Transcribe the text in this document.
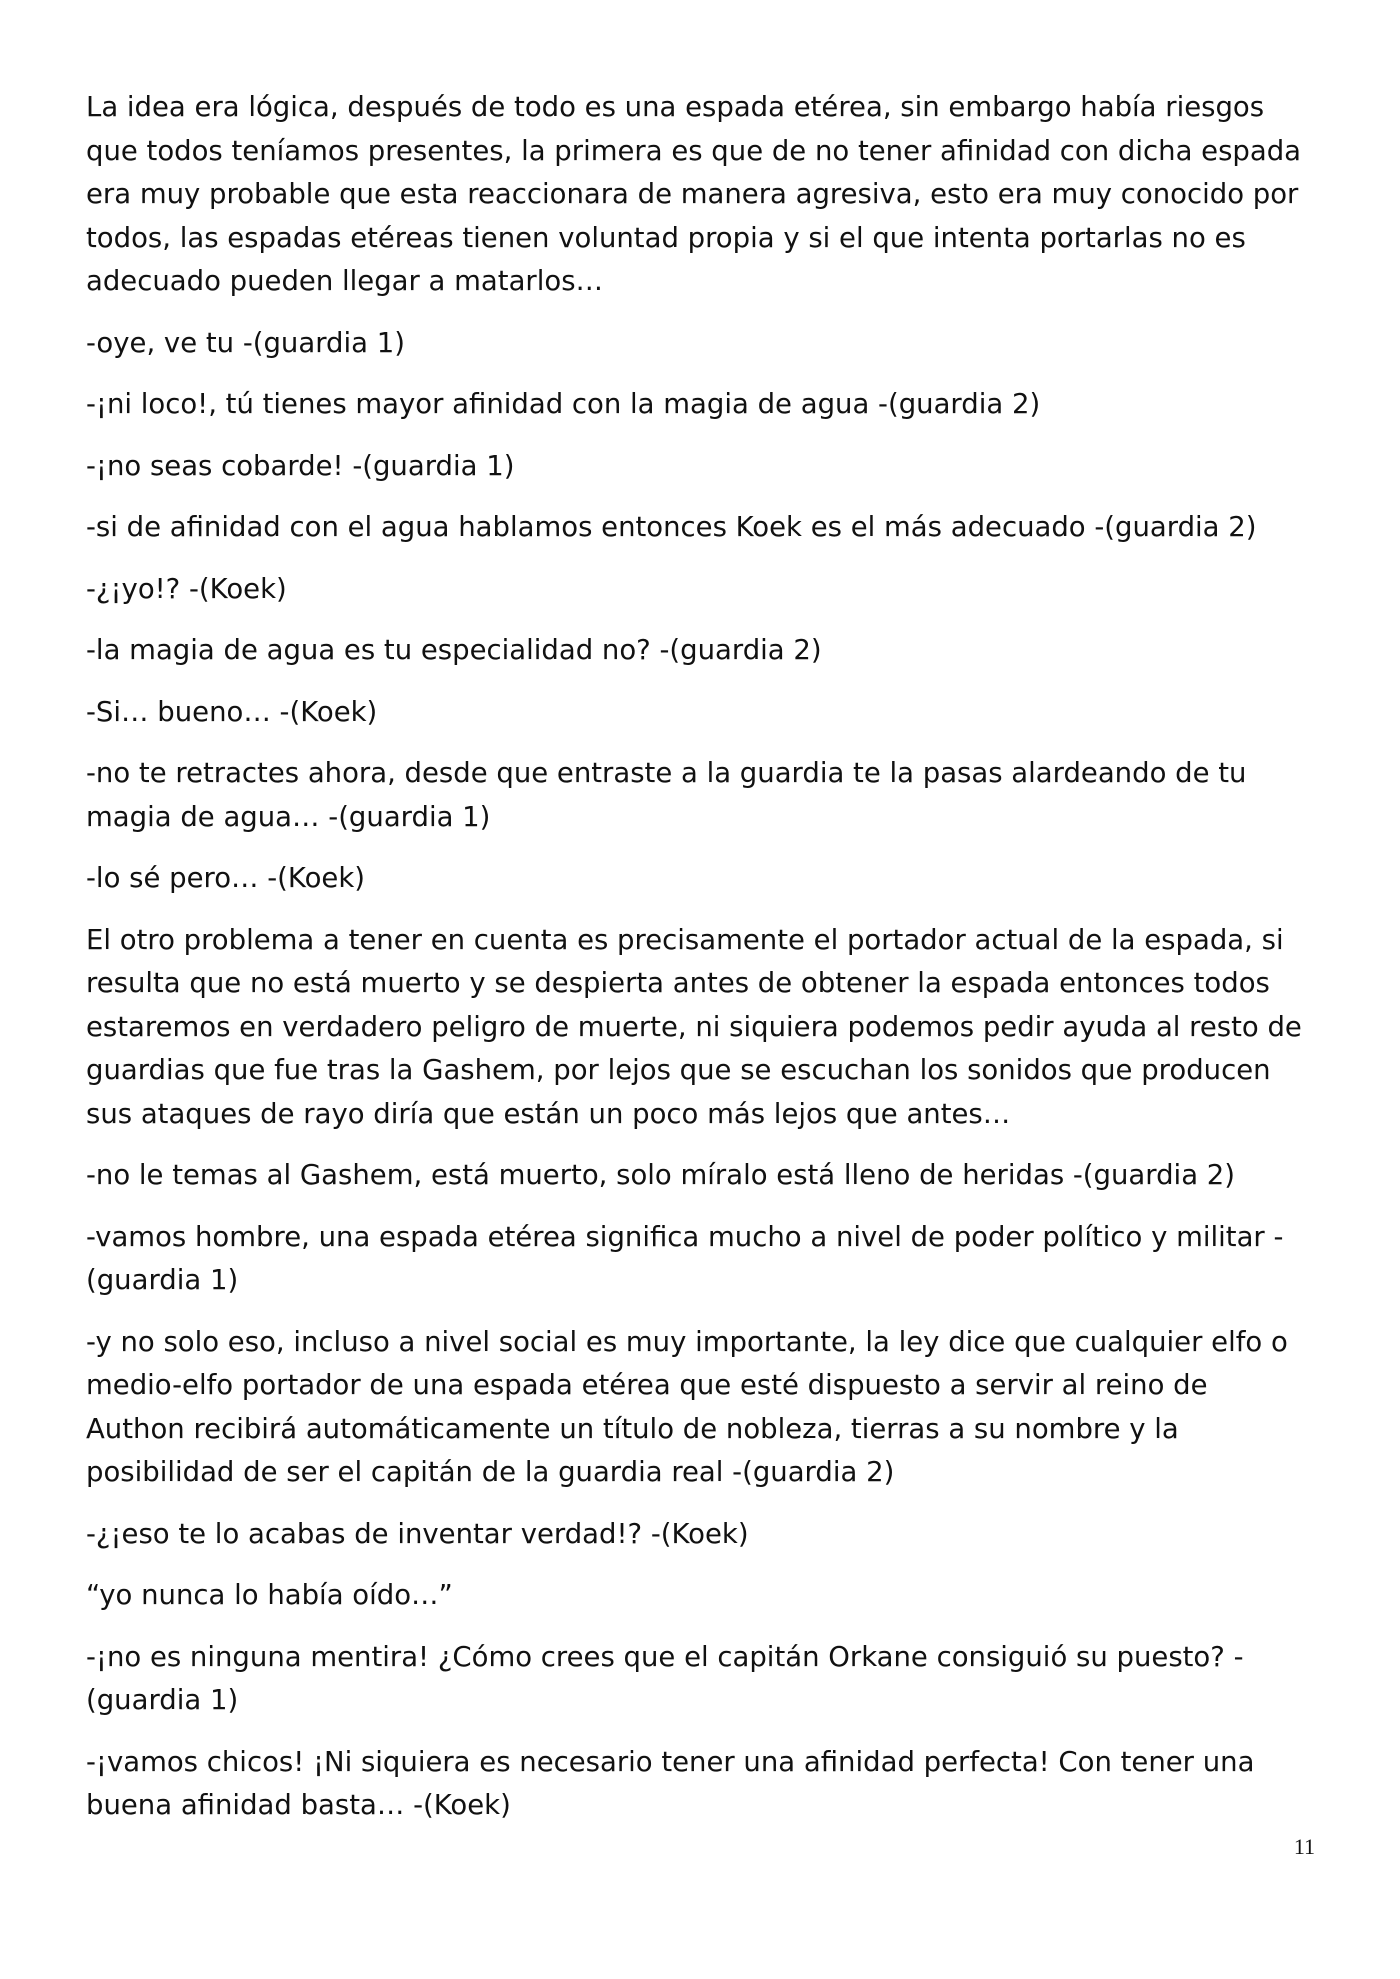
La idea era lógica, después de todo es una espada etérea, sin embargo había riesgos que todos teníamos presentes, la primera es que de no tener afinidad con dicha espada era muy probable que esta reaccionara de manera agresiva, esto era muy conocido por todos, las espadas etéreas tienen voluntad propia y si el que intenta portarlas no es adecuado pueden llegar a matarlos…

-oye, ve tu -(guardia 1)

-¡ni loco!, tú tienes mayor afinidad con la magia de agua -(guardia 2)

-¡no seas cobarde! -(guardia 1)

-si de afinidad con el agua hablamos entonces Koek es el más adecuado -(guardia 2)

-¿¡yo!? -(Koek)

-la magia de agua es tu especialidad no? -(guardia 2)

-Si… bueno… -(Koek)

-no te retractes ahora, desde que entraste a la guardia te la pasas alardeando de tu magia de agua… -(guardia 1)

-lo sé pero… -(Koek)

El otro problema a tener en cuenta es precisamente el portador actual de la espada, si resulta que no está muerto y se despierta antes de obtener la espada entonces todos estaremos en verdadero peligro de muerte, ni siquiera podemos pedir ayuda al resto de guardias que fue tras la Gashem, por lejos que se escuchan los sonidos que producen sus ataques de rayo diría que están un poco más lejos que antes…

-no le temas al Gashem, está muerto, solo míralo está lleno de heridas -(guardia 2)

-vamos hombre, una espada etérea significa mucho a nivel de poder político y militar -(guardia 1)

-y no solo eso, incluso a nivel social es muy importante, la ley dice que cualquier elfo o medio-elfo portador de una espada etérea que esté dispuesto a servir al reino de Authon recibirá automáticamente un título de nobleza, tierras a su nombre y la posibilidad de ser el capitán de la guardia real -(guardia 2)

-¿¡eso te lo acabas de inventar verdad!? -(Koek)

“yo nunca lo había oído…”

-¡no es ninguna mentira! ¿Cómo crees que el capitán Orkane consiguió su puesto? -(guardia 1)

-¡vamos chicos! ¡Ni siquiera es necesario tener una afinidad perfecta! Con tener una buena afinidad basta… -(Koek)

11
